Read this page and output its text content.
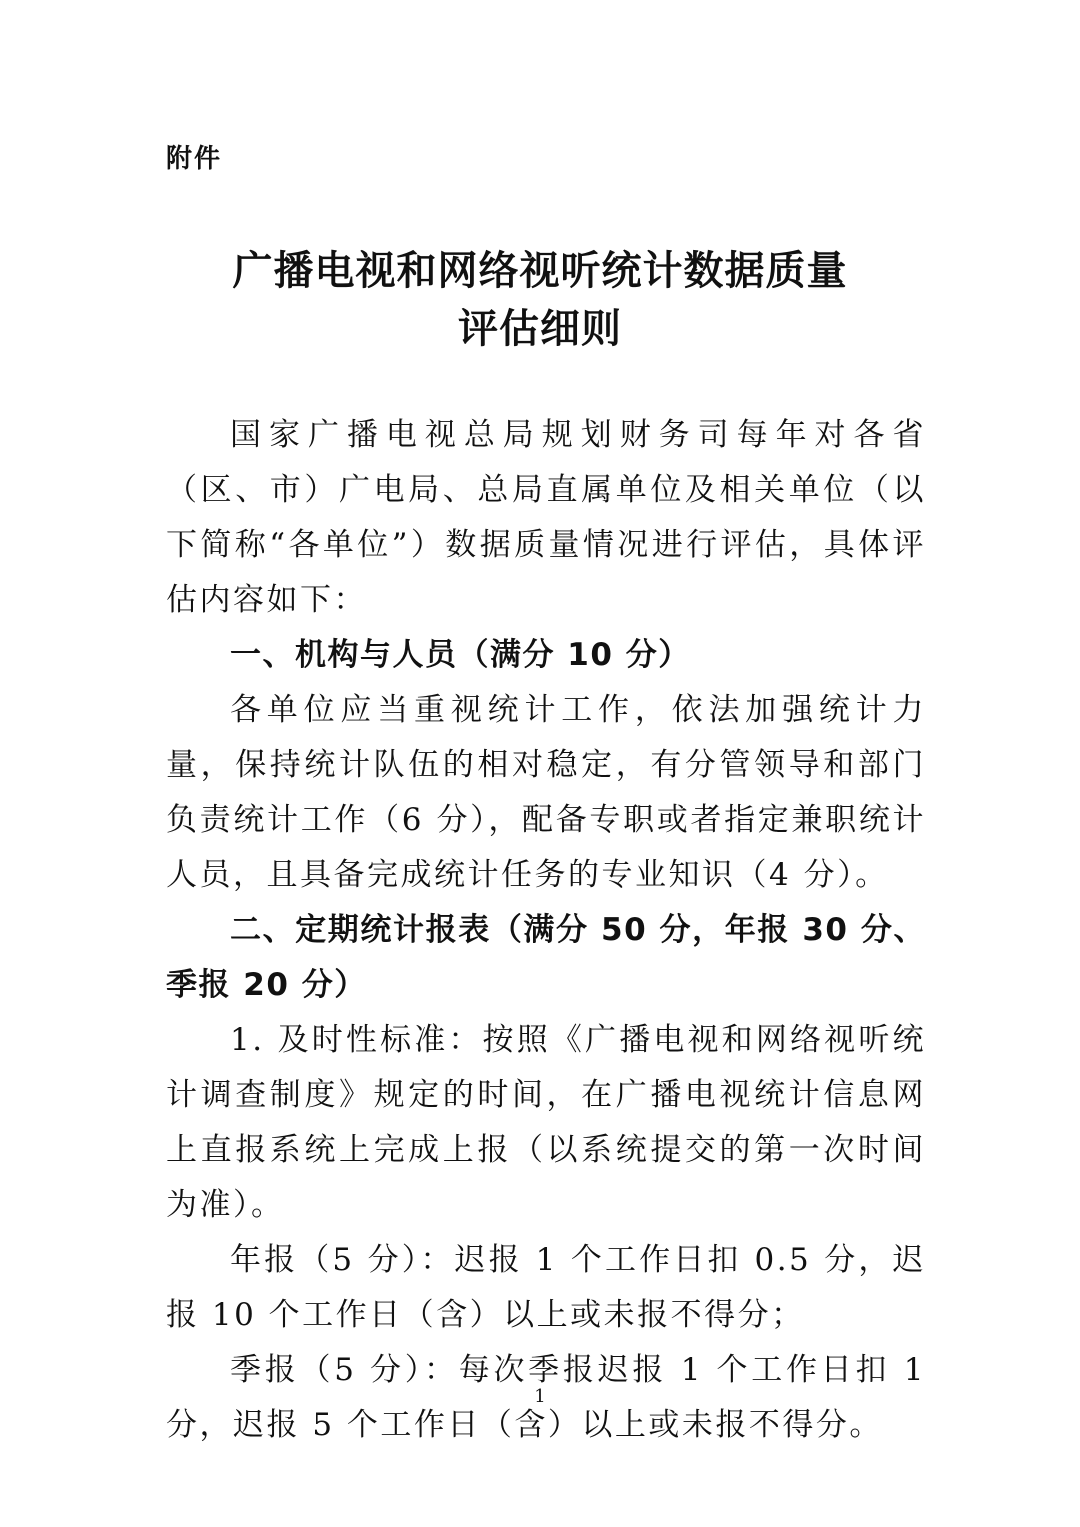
附件
广播电视和网络视听统计数据质量
评估细则

国家广播电视总局规划财务司每年对各省（区、市）广电局、总局直属单位及相关单位（以下简称“各单位”）数据质量情况进行评估，具体评估内容如下：

一、机构与人员（满分 10 分）

各单位应当重视统计工作，依法加强统计力量，保持统计队伍的相对稳定，有分管领导和部门负责统计工作（6 分），配备专职或者指定兼职统计人员，且具备完成统计任务的专业知识（4 分）。

二、定期统计报表（满分 50 分，年报 30 分、季报 20 分）

1. 及时性标准：按照《广播电视和网络视听统计调查制度》规定的时间，在广播电视统计信息网上直报系统上完成上报（以系统提交的第一次时间为准）。

年报（5 分）：迟报 1 个工作日扣 0.5 分，迟报 10 个工作日（含）以上或未报不得分；

季报（5 分）：每次季报迟报 1 个工作日扣 1 分，迟报 5 个工作日（含）以上或未报不得分。

1
